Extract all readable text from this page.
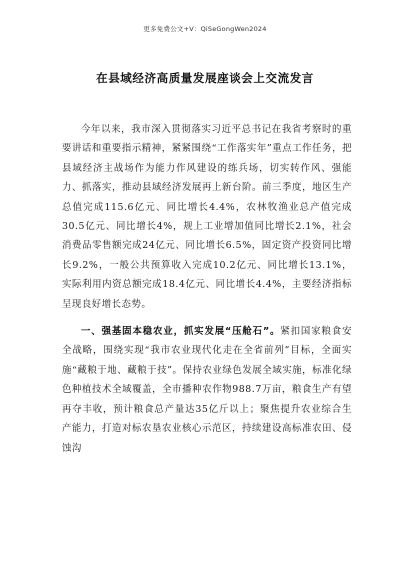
更多免费公文+V：QiSeGongWen2024
在县域经济高质量发展座谈会上交流发言

今年以来，我市深入贯彻落实习近平总书记在我省考察时的重要讲话和重要指示精神，紧紧围绕“工作落实年”重点工作任务，把县域经济主战场作为能力作风建设的练兵场，切实转作风、强能力、抓落实，推动县域经济发展再上新台阶。前三季度，地区生产总值完成115.6亿元、同比增长4.4%，农林牧渔业总产值完成30.5亿元、同比增长4%，规上工业增加值同比增长2.1%，社会消费品零售额完成24亿元、同比增长6.5%，固定资产投资同比增长9.2%，一般公共预算收入完成10.2亿元、同比增长13.1%，实际利用内资总额完成18.4亿元、同比增长4.4%，主要经济指标呈现良好增长态势。

一、强基固本稳农业，抓实发展“压舱石”。紧扣国家粮食安全战略，围绕实现“我市农业现代化走在全省前列”目标，全面实施“藏粮于地、藏粮于技”。保持农业绿色发展全域实施，标准化绿色种植技术全域覆盖，全市播种农作物988.7万亩，粮食生产有望再夺丰收，预计粮食总产量达35亿斤以上；聚焦提升农业综合生产能力，打造对标农垦农业核心示范区，持续建设高标准农田、侵蚀沟
